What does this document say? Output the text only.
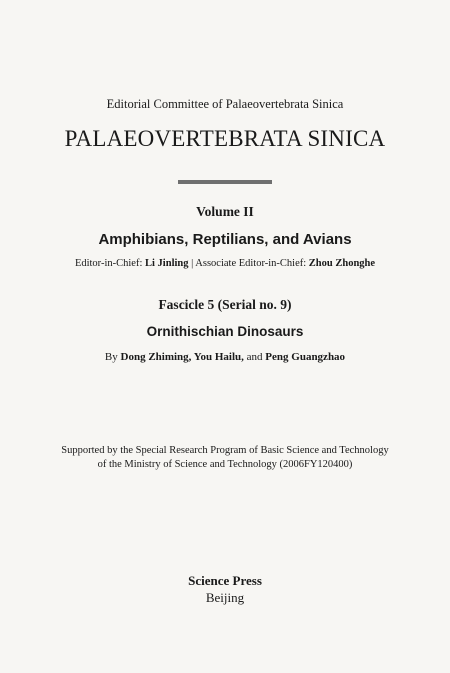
Editorial Committee of Palaeovertebrata Sinica
PALAEOVERTEBRATA SINICA
Volume II
Amphibians, Reptilians, and Avians
Editor-in-Chief: Li Jinling | Associate Editor-in-Chief: Zhou Zhonghe
Fascicle 5 (Serial no. 9)
Ornithischian Dinosaurs
By Dong Zhiming, You Hailu, and Peng Guangzhao
Supported by the Special Research Program of Basic Science and Technology
of the Ministry of Science and Technology (2006FY120400)
Science Press
Beijing
